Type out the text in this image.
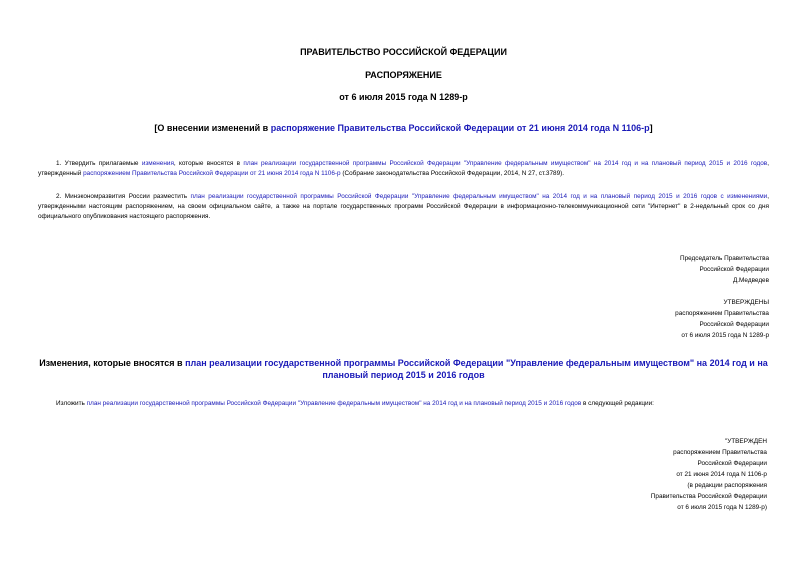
ПРАВИТЕЛЬСТВО РОССИЙСКОЙ ФЕДЕРАЦИИ
РАСПОРЯЖЕНИЕ
от 6 июля 2015 года N 1289-р
[О внесении изменений в распоряжение Правительства Российской Федерации от 21 июня 2014 года N 1106-р]
1. Утвердить прилагаемые изменения, которые вносятся в план реализации государственной программы Российской Федерации "Управление федеральным имуществом" на 2014 год и на плановый период 2015 и 2016 годов, утвержденный распоряжением Правительства Российской Федерации от 21 июня 2014 года N 1106-р (Собрание законодательства Российской Федерации, 2014, N 27, ст.3789).
2. Минэкономразвития России разместить план реализации государственной программы Российской Федерации "Управление федеральным имуществом" на 2014 год и на плановый период 2015 и 2016 годов с изменениями, утвержденными настоящим распоряжением, на своем официальном сайте, а также на портале государственных программ Российской Федерации в информационно-телекоммуникационной сети "Интернет" в 2-недельный срок со дня официального опубликования настоящего распоряжения.
Председатель Правительства
Российской Федерации
Д.Медведев
УТВЕРЖДЕНЫ
распоряжением Правительства
Российской Федерации
от 6 июля 2015 года N 1289-р
Изменения, которые вносятся в план реализации государственной программы Российской Федерации "Управление федеральным имуществом" на 2014 год и на плановый период 2015 и 2016 годов
Изложить план реализации государственной программы Российской Федерации "Управление федеральным имуществом" на 2014 год и на плановый период 2015 и 2016 годов в следующей редакции:
"УТВЕРЖДЕН
распоряжением Правительства
Российской Федерации
от 21 июня 2014 года N 1106-р
(в редакции распоряжения
Правительства Российской Федерации
от 6 июля 2015 года N 1289-р)
